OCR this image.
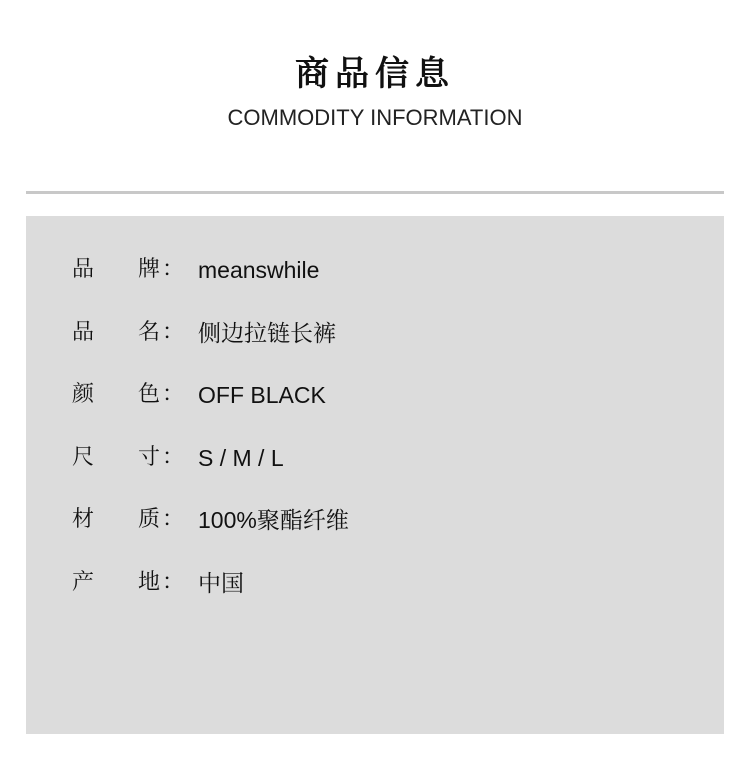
商品信息
COMMODITY INFORMATION
品 牌 ： meanswhile
品 名 ： 侧边拉链长裤
颜 色 ： OFF BLACK
尺 寸 ： S / M / L
材 质 ： 100%聚酯纤维
产 地 ： 中国
